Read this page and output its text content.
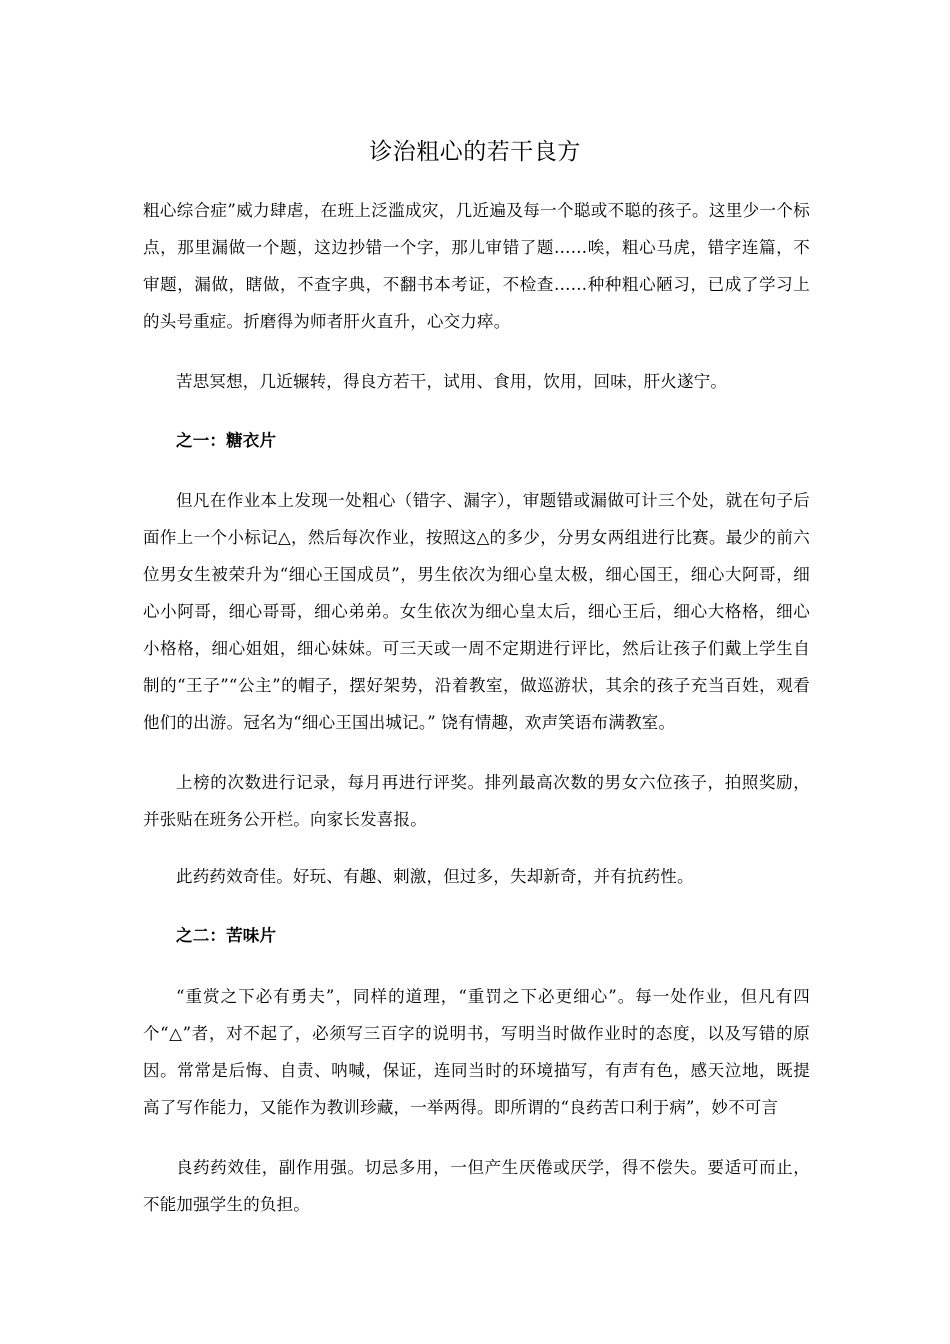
诊治粗心的若干良方
粗心综合症”威力肆虐，在班上泛滥成灾，几近遍及每一个聪或不聪的孩子。这里少一个标点，那里漏做一个题，这边抄错一个字，那儿审错了题……唉，粗心马虎，错字连篇，不审题，漏做，瞎做，不查字典，不翻书本考证，不检查……种种粗心陋习，已成了学习上的头号重症。折磨得为师者肝火直升，心交力瘁。
苦思冥想，几近辗转，得良方若干，试用、食用，饮用，回味，肝火遂宁。
之一：糖衣片
但凡在作业本上发现一处粗心（错字、漏字），审题错或漏做可计三个处，就在句子后面作上一个小标记△，然后每次作业，按照这△的多少，分男女两组进行比赛。最少的前六位男女生被荣升为“细心王国成员”，男生依次为细心皇太极，细心国王，细心大阿哥，细心小阿哥，细心哥哥，细心弟弟。女生依次为细心皇太后，细心王后，细心大格格，细心小格格，细心姐姐，细心妹妹。可三天或一周不定期进行评比，然后让孩子们戴上学生自制的“王子”“公主”的帽子，摆好架势，沿着教室，做巡游状，其余的孩子充当百姓，观看他们的出游。冠名为“细心王国出城记。” 饶有情趣，欢声笑语布满教室。
上榜的次数进行记录，每月再进行评奖。排列最高次数的男女六位孩子，拍照奖励，并张贴在班务公开栏。向家长发喜报。
此药药效奇佳。好玩、有趣、刺激，但过多，失却新奇，并有抗药性。
之二：苦味片
“重赏之下必有勇夫”，同样的道理，“重罚之下必更细心”。每一处作业，但凡有四个“△”者，对不起了，必须写三百字的说明书，写明当时做作业时的态度，以及写错的原因。常常是后悔、自责、呐喊，保证，连同当时的环境描写，有声有色，感天泣地，既提高了写作能力，又能作为教训珍藏，一举两得。即所谓的“良药苦口利于病”，妙不可言
良药药效佳，副作用强。切忌多用，一但产生厌倦或厌学，得不偿失。要适可而止，不能加强学生的负担。
